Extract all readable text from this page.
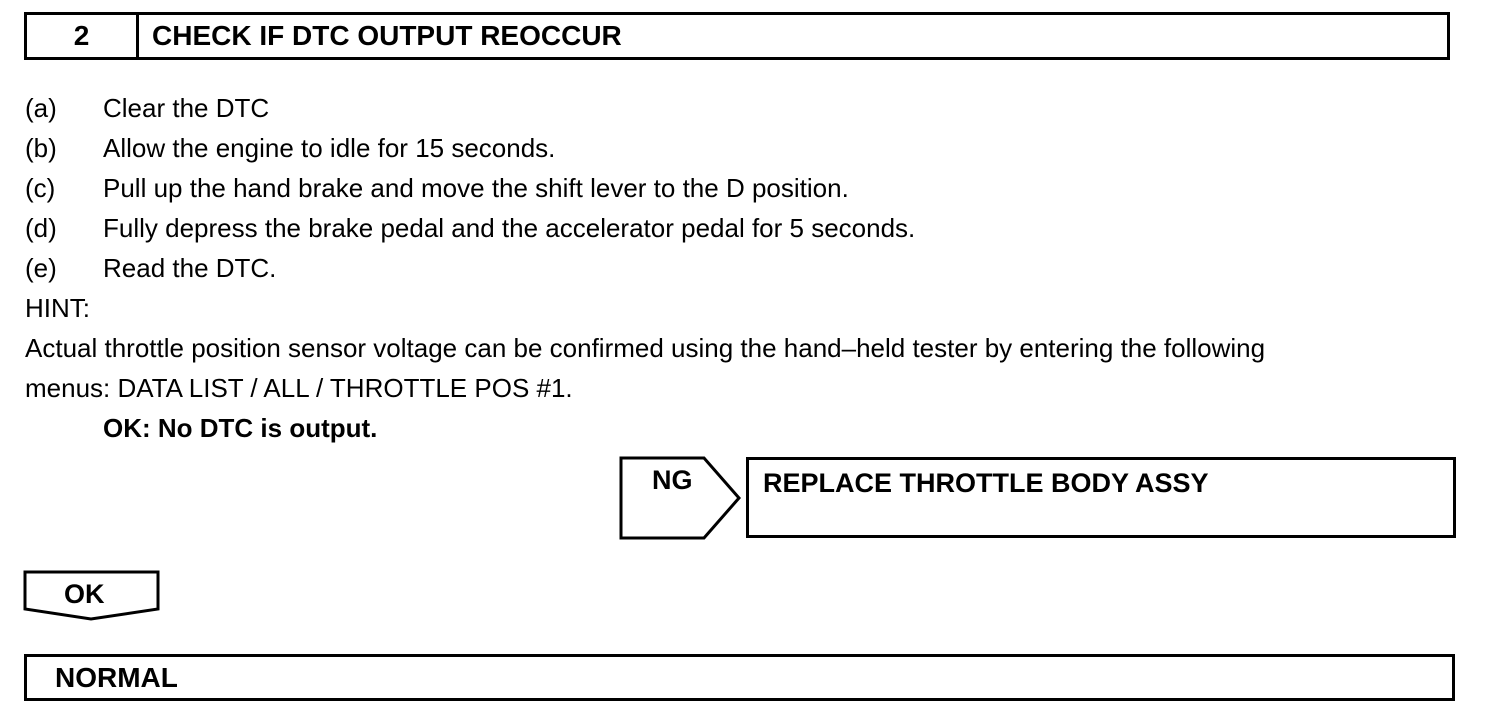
2	CHECK IF DTC OUTPUT REOCCUR
(a) Clear the DTC
(b) Allow the engine to idle for 15 seconds.
(c) Pull up the hand brake and move the shift lever to the D position.
(d) Fully depress the brake pedal and the accelerator pedal for 5 seconds.
(e) Read the DTC.
HINT:
Actual throttle position sensor voltage can be confirmed using the hand–held tester by entering the following
menus: DATA LIST / ALL / THROTTLE POS #1.
OK: No DTC is output.
NG	REPLACE THROTTLE BODY ASSY
OK
NORMAL
